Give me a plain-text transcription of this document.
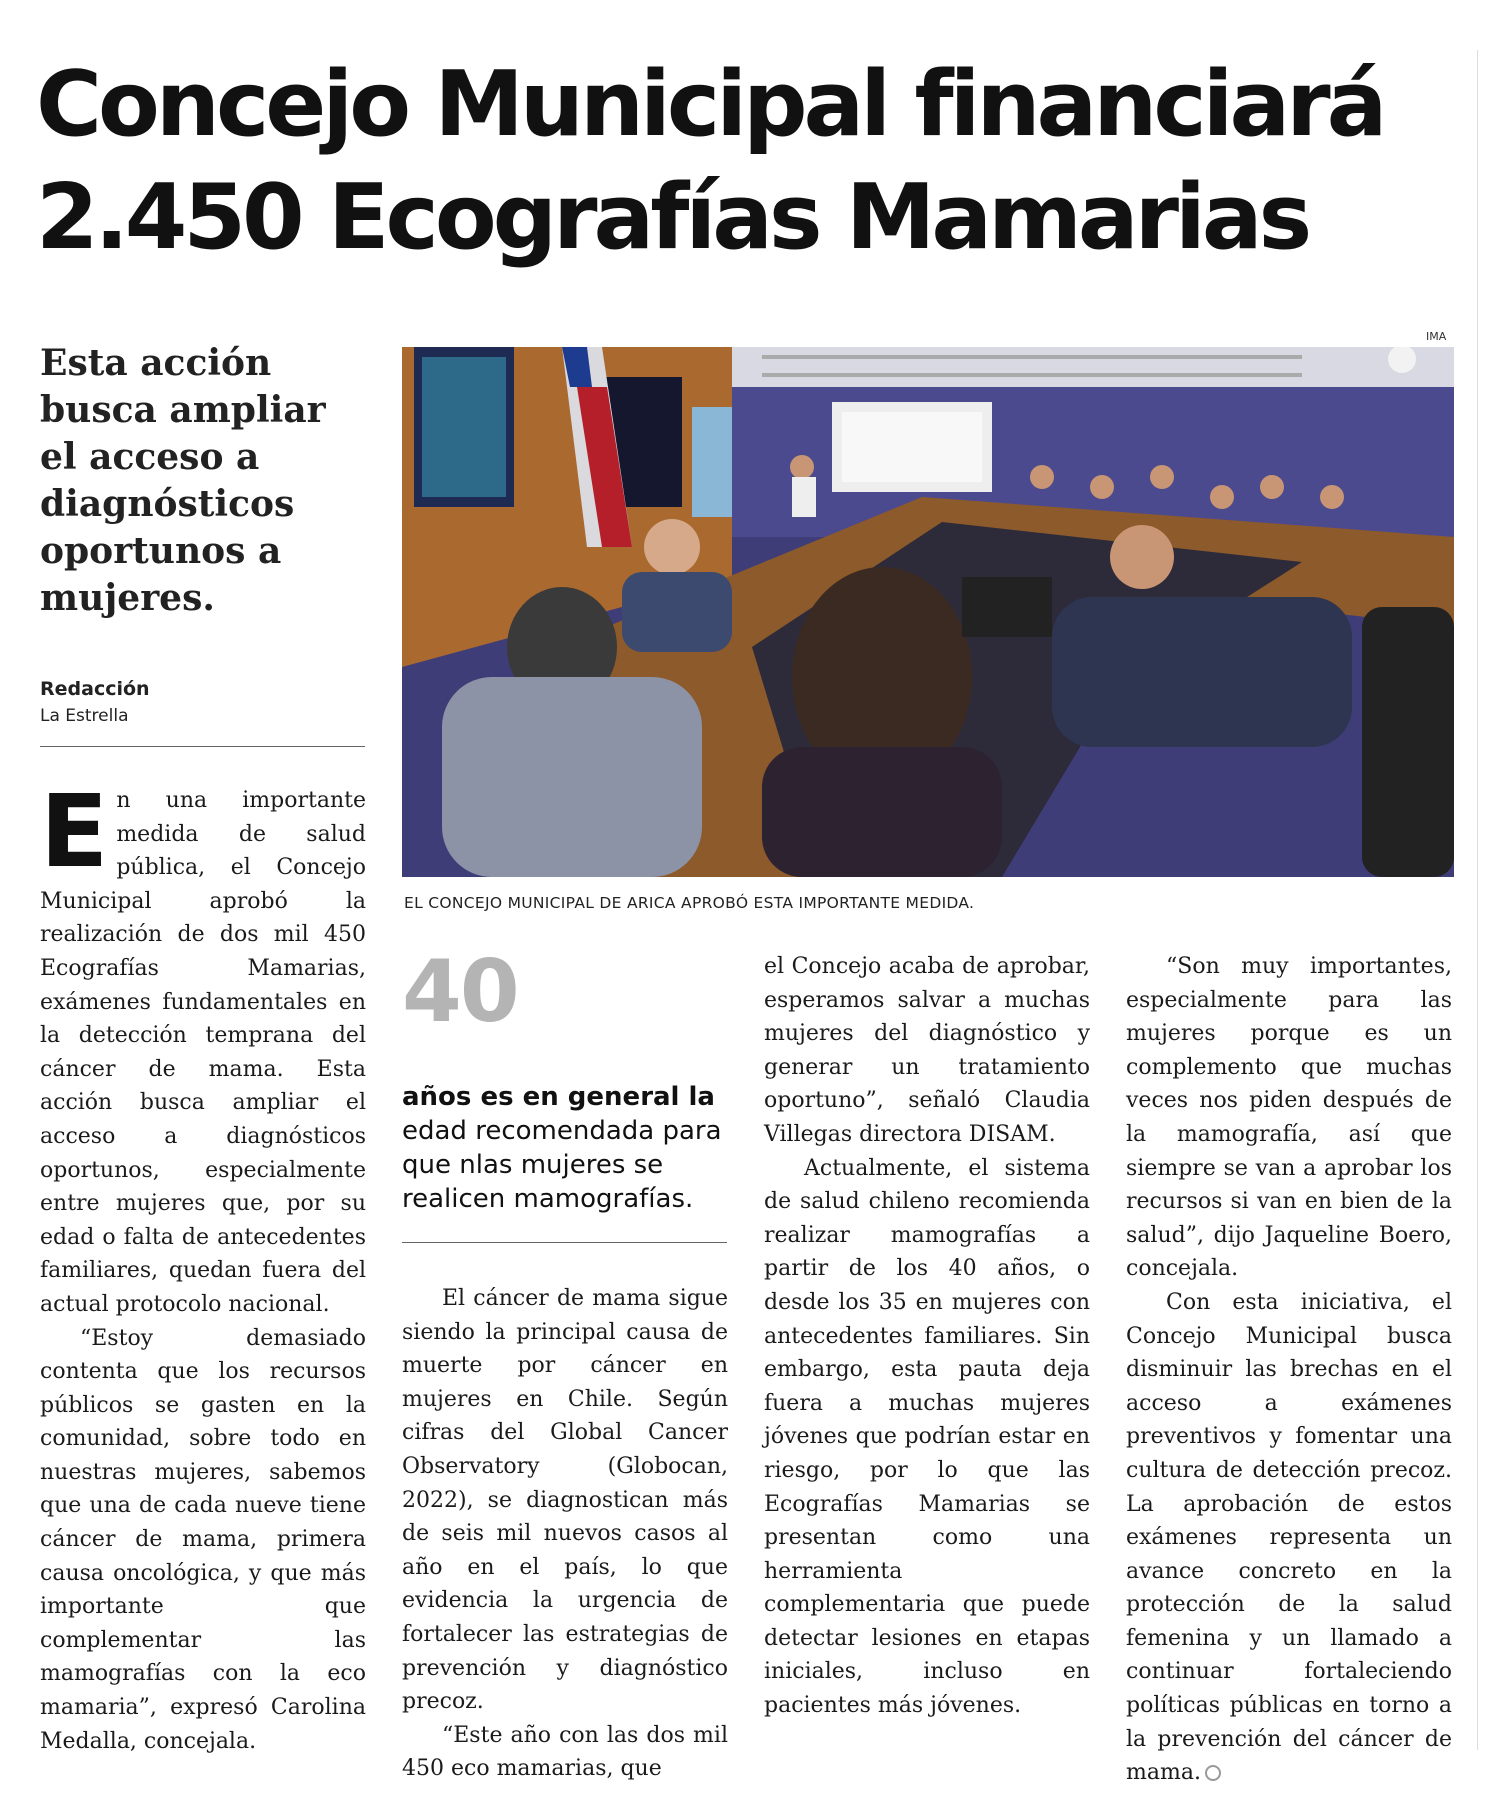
Concejo Municipal financiará
2.450 Ecografías Mamarias

Esta acción busca ampliar el acceso a diagnósticos oportunos a mujeres.

Redacción
La Estrella
IMA
EL CONCEJO MUNICIPAL DE ARICA APROBÓ ESTA IMPORTANTE MEDIDA.

En una importante medida de salud pública, el Concejo Municipal aprobó la realización de dos mil 450 Ecografías Mamarias, exámenes fundamentales en la detección temprana del cáncer de mama. Esta acción busca ampliar el acceso a diagnósticos oportunos, especialmente entre mujeres que, por su edad o falta de antecedentes familiares, quedan fuera del actual protocolo nacional.

“Estoy demasiado contenta que los recursos públicos se gasten en la comunidad, sobre todo en nuestras mujeres, sabemos que una de cada nueve tiene cáncer de mama, primera causa oncológica, y que más importante que complementar las mamografías con la eco mamaria”, expresó Carolina Medalla, concejala.

40
años es en general la edad recomendada para que nlas mujeres se realicen mamografías.

El cáncer de mama sigue siendo la principal causa de muerte por cáncer en mujeres en Chile. Según cifras del Global Cancer Observatory (Globocan, 2022), se diagnostican más de seis mil nuevos casos al año en el país, lo que evidencia la urgencia de fortalecer las estrategias de prevención y diagnóstico precoz.

“Este año con las dos mil 450 eco mamarias, que

el Concejo acaba de aprobar, esperamos salvar a muchas mujeres del diagnóstico y generar un tratamiento oportuno”, señaló Claudia Villegas directora DISAM.

Actualmente, el sistema de salud chileno recomienda realizar mamografías a partir de los 40 años, o desde los 35 en mujeres con antecedentes familiares. Sin embargo, esta pauta deja fuera a muchas mujeres jóvenes que podrían estar en riesgo, por lo que las Ecografías Mamarias se presentan como una herramienta complementaria que puede detectar lesiones en etapas iniciales, incluso en pacientes más jóvenes.

“Son muy importantes, especialmente para las mujeres porque es un complemento que muchas veces nos piden después de la mamografía, así que siempre se van a aprobar los recursos si van en bien de la salud”, dijo Jaqueline Boero, concejala.

Con esta iniciativa, el Concejo Municipal busca disminuir las brechas en el acceso a exámenes preventivos y fomentar una cultura de detección precoz. La aprobación de estos exámenes representa un avance concreto en la protección de la salud femenina y un llamado a continuar fortaleciendo políticas públicas en torno a la prevención del cáncer de mama.
